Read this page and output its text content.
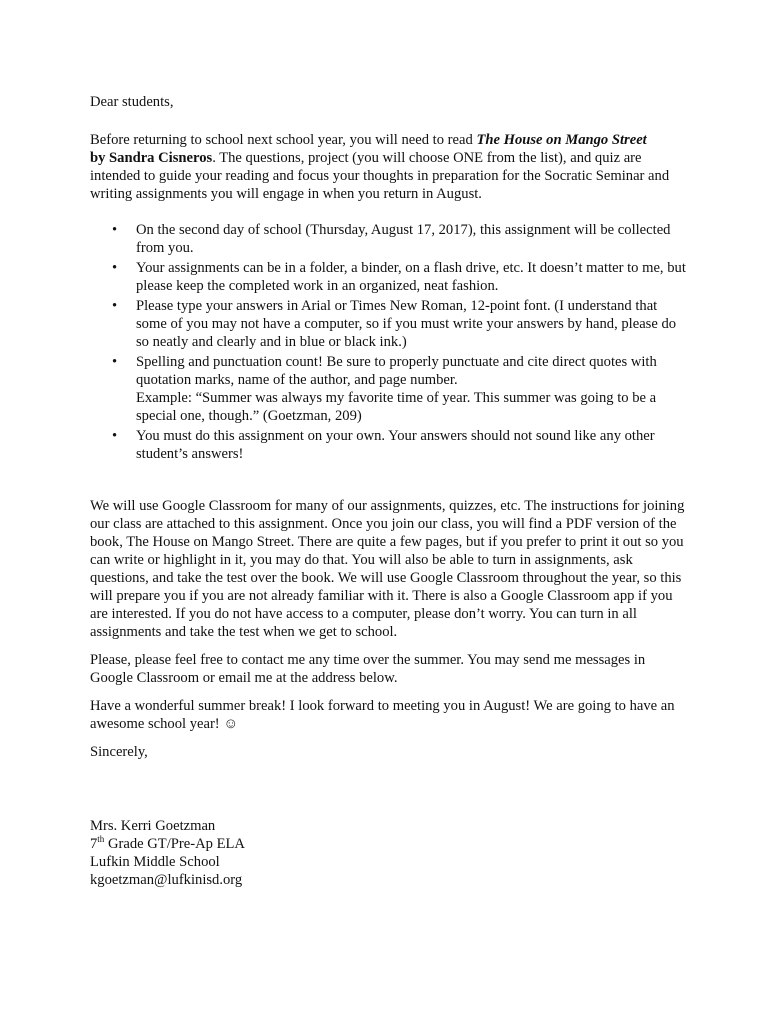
Dear students,

Before returning to school next school year, you will need to read The House on Mango Street
by Sandra Cisneros. The questions, project (you will choose ONE from the list), and quiz are intended to guide your reading and focus your thoughts in preparation for the Socratic Seminar and writing assignments you will engage in when you return in August.

• On the second day of school (Thursday, August 17, 2017), this assignment will be collected from you.
• Your assignments can be in a folder, a binder, on a flash drive, etc. It doesn’t matter to me, but please keep the completed work in an organized, neat fashion.
• Please type your answers in Arial or Times New Roman, 12-point font. (I understand that some of you may not have a computer, so if you must write your answers by hand, please do so neatly and clearly and in blue or black ink.)
• Spelling and punctuation count! Be sure to properly punctuate and cite direct quotes with quotation marks, name of the author, and page number.
Example: “Summer was always my favorite time of year. This summer was going to be a special one, though.” (Goetzman, 209)
• You must do this assignment on your own. Your answers should not sound like any other student’s answers!

We will use Google Classroom for many of our assignments, quizzes, etc. The instructions for joining our class are attached to this assignment. Once you join our class, you will find a PDF version of the book, The House on Mango Street. There are quite a few pages, but if you prefer to print it out so you can write or highlight in it, you may do that. You will also be able to turn in assignments, ask questions, and take the test over the book. We will use Google Classroom throughout the year, so this will prepare you if you are not already familiar with it. There is also a Google Classroom app if you are interested. If you do not have access to a computer, please don’t worry. You can turn in all assignments and take the test when we get to school.

Please, please feel free to contact me any time over the summer. You may send me messages in Google Classroom or email me at the address below.

Have a wonderful summer break! I look forward to meeting you in August! We are going to have an awesome school year! ☺

Sincerely,

Mrs. Kerri Goetzman
7th Grade GT/Pre-Ap ELA
Lufkin Middle School
kgoetzman@lufkinisd.org
